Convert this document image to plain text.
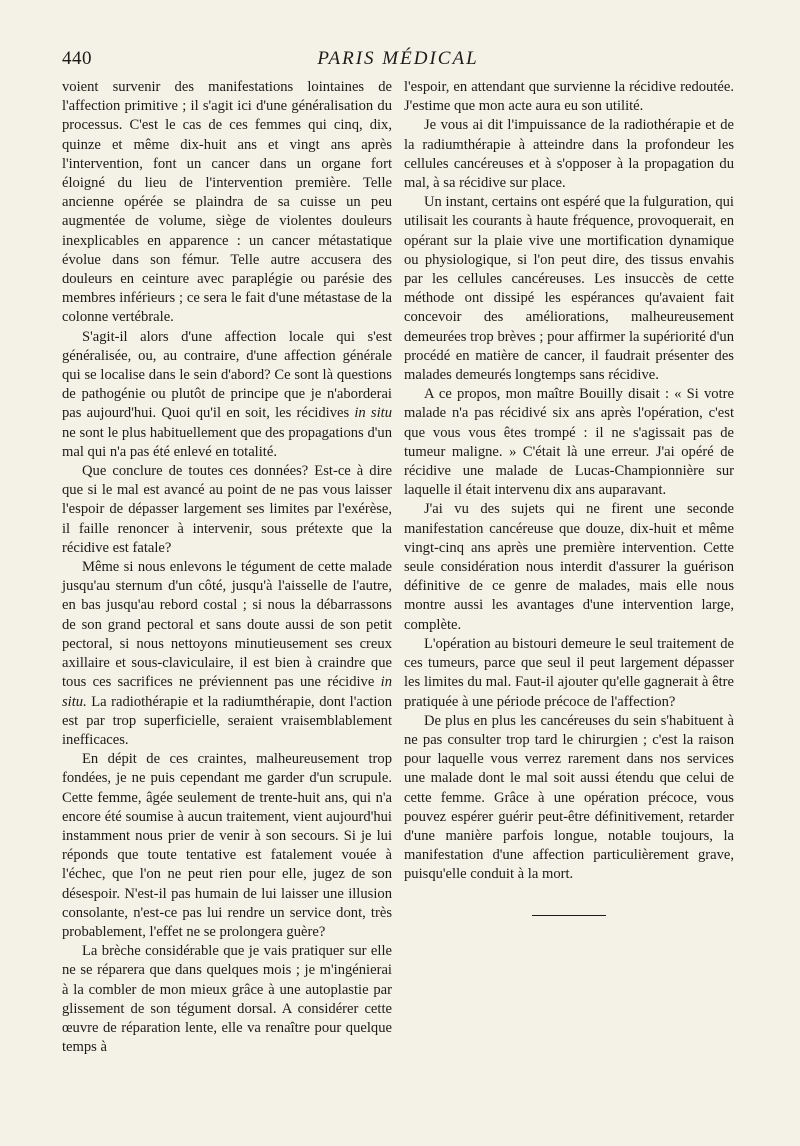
440	PARIS MÉDICAL

voient survenir des manifestations lointaines de l'affection primitive ; il s'agit ici d'une généralisation du processus. C'est le cas de ces femmes qui cinq, dix, quinze et même dix-huit ans et vingt ans après l'intervention, font un cancer dans un organe fort éloigné du lieu de l'intervention première. Telle ancienne opérée se plaindra de sa cuisse un peu augmentée de volume, siège de violentes douleurs inexplicables en apparence : un cancer métastatique évolue dans son fémur. Telle autre accusera des douleurs en ceinture avec paraplégie ou parésie des membres inférieurs ; ce sera le fait d'une métastase de la colonne vertébrale.

S'agit-il alors d'une affection locale qui s'est généralisée, ou, au contraire, d'une affection générale qui se localise dans le sein d'abord? Ce sont là questions de pathogénie ou plutôt de principe que je n'aborderai pas aujourd'hui. Quoi qu'il en soit, les récidives in situ ne sont le plus habituellement que des propagations d'un mal qui n'a pas été enlevé en totalité.

Que conclure de toutes ces données? Est-ce à dire que si le mal est avancé au point de ne pas vous laisser l'espoir de dépasser largement ses limites par l'exérèse, il faille renoncer à intervenir, sous prétexte que la récidive est fatale?

Même si nous enlevons le tégument de cette malade jusqu'au sternum d'un côté, jusqu'à l'aisselle de l'autre, en bas jusqu'au rebord costal ; si nous la débarrassons de son grand pectoral et sans doute aussi de son petit pectoral, si nous nettoyons minutieusement ses creux axillaire et sous-claviculaire, il est bien à craindre que tous ces sacrifices ne préviennent pas une récidive in situ. La radiothérapie et la radiumthérapie, dont l'action est par trop superficielle, seraient vraisemblablement inefficaces.

En dépit de ces craintes, malheureusement trop fondées, je ne puis cependant me garder d'un scrupule. Cette femme, âgée seulement de trente-huit ans, qui n'a encore été soumise à aucun traitement, vient aujourd'hui instamment nous prier de venir à son secours. Si je lui réponds que toute tentative est fatalement vouée à l'échec, que l'on ne peut rien pour elle, jugez de son désespoir. N'est-il pas humain de lui laisser une illusion consolante, n'est-ce pas lui rendre un service dont, très probablement, l'effet ne se prolongera guère?

La brèche considérable que je vais pratiquer sur elle ne se réparera que dans quelques mois ; je m'ingénierai à la combler de mon mieux grâce à une autoplastie par glissement de son tégument dorsal. A considérer cette œuvre de réparation lente, elle va renaître pour quelque temps à

l'espoir, en attendant que survienne la récidive redoutée. J'estime que mon acte aura eu son utilité.

Je vous ai dit l'impuissance de la radiothérapie et de la radiumthérapie à atteindre dans la profondeur les cellules cancéreuses et à s'opposer à la propagation du mal, à sa récidive sur place.

Un instant, certains ont espéré que la fulguration, qui utilisait les courants à haute fréquence, provoquerait, en opérant sur la plaie vive une mortification dynamique ou physiologique, si l'on peut dire, des tissus envahis par les cellules cancéreuses. Les insuccès de cette méthode ont dissipé les espérances qu'avaient fait concevoir des améliorations, malheureusement demeurées trop brèves ; pour affirmer la supériorité d'un procédé en matière de cancer, il faudrait présenter des malades demeurés longtemps sans récidive.

A ce propos, mon maître Bouilly disait : « Si votre malade n'a pas récidivé six ans après l'opération, c'est que vous vous êtes trompé : il ne s'agissait pas de tumeur maligne. » C'était là une erreur. J'ai opéré de récidive une malade de Lucas-Championnière sur laquelle il était intervenu dix ans auparavant.

J'ai vu des sujets qui ne firent une seconde manifestation cancéreuse que douze, dix-huit et même vingt-cinq ans après une première intervention. Cette seule considération nous interdit d'assurer la guérison définitive de ce genre de malades, mais elle nous montre aussi les avantages d'une intervention large, complète.

L'opération au bistouri demeure le seul traitement de ces tumeurs, parce que seul il peut largement dépasser les limites du mal. Faut-il ajouter qu'elle gagnerait à être pratiquée à une période précoce de l'affection?

De plus en plus les cancéreuses du sein s'habituent à ne pas consulter trop tard le chirurgien ; c'est la raison pour laquelle vous verrez rarement dans nos services une malade dont le mal soit aussi étendu que celui de cette femme. Grâce à une opération précoce, vous pouvez espérer guérir peut-être définitivement, retarder d'une manière parfois longue, notable toujours, la manifestation d'une affection particulièrement grave, puisqu'elle conduit à la mort.
